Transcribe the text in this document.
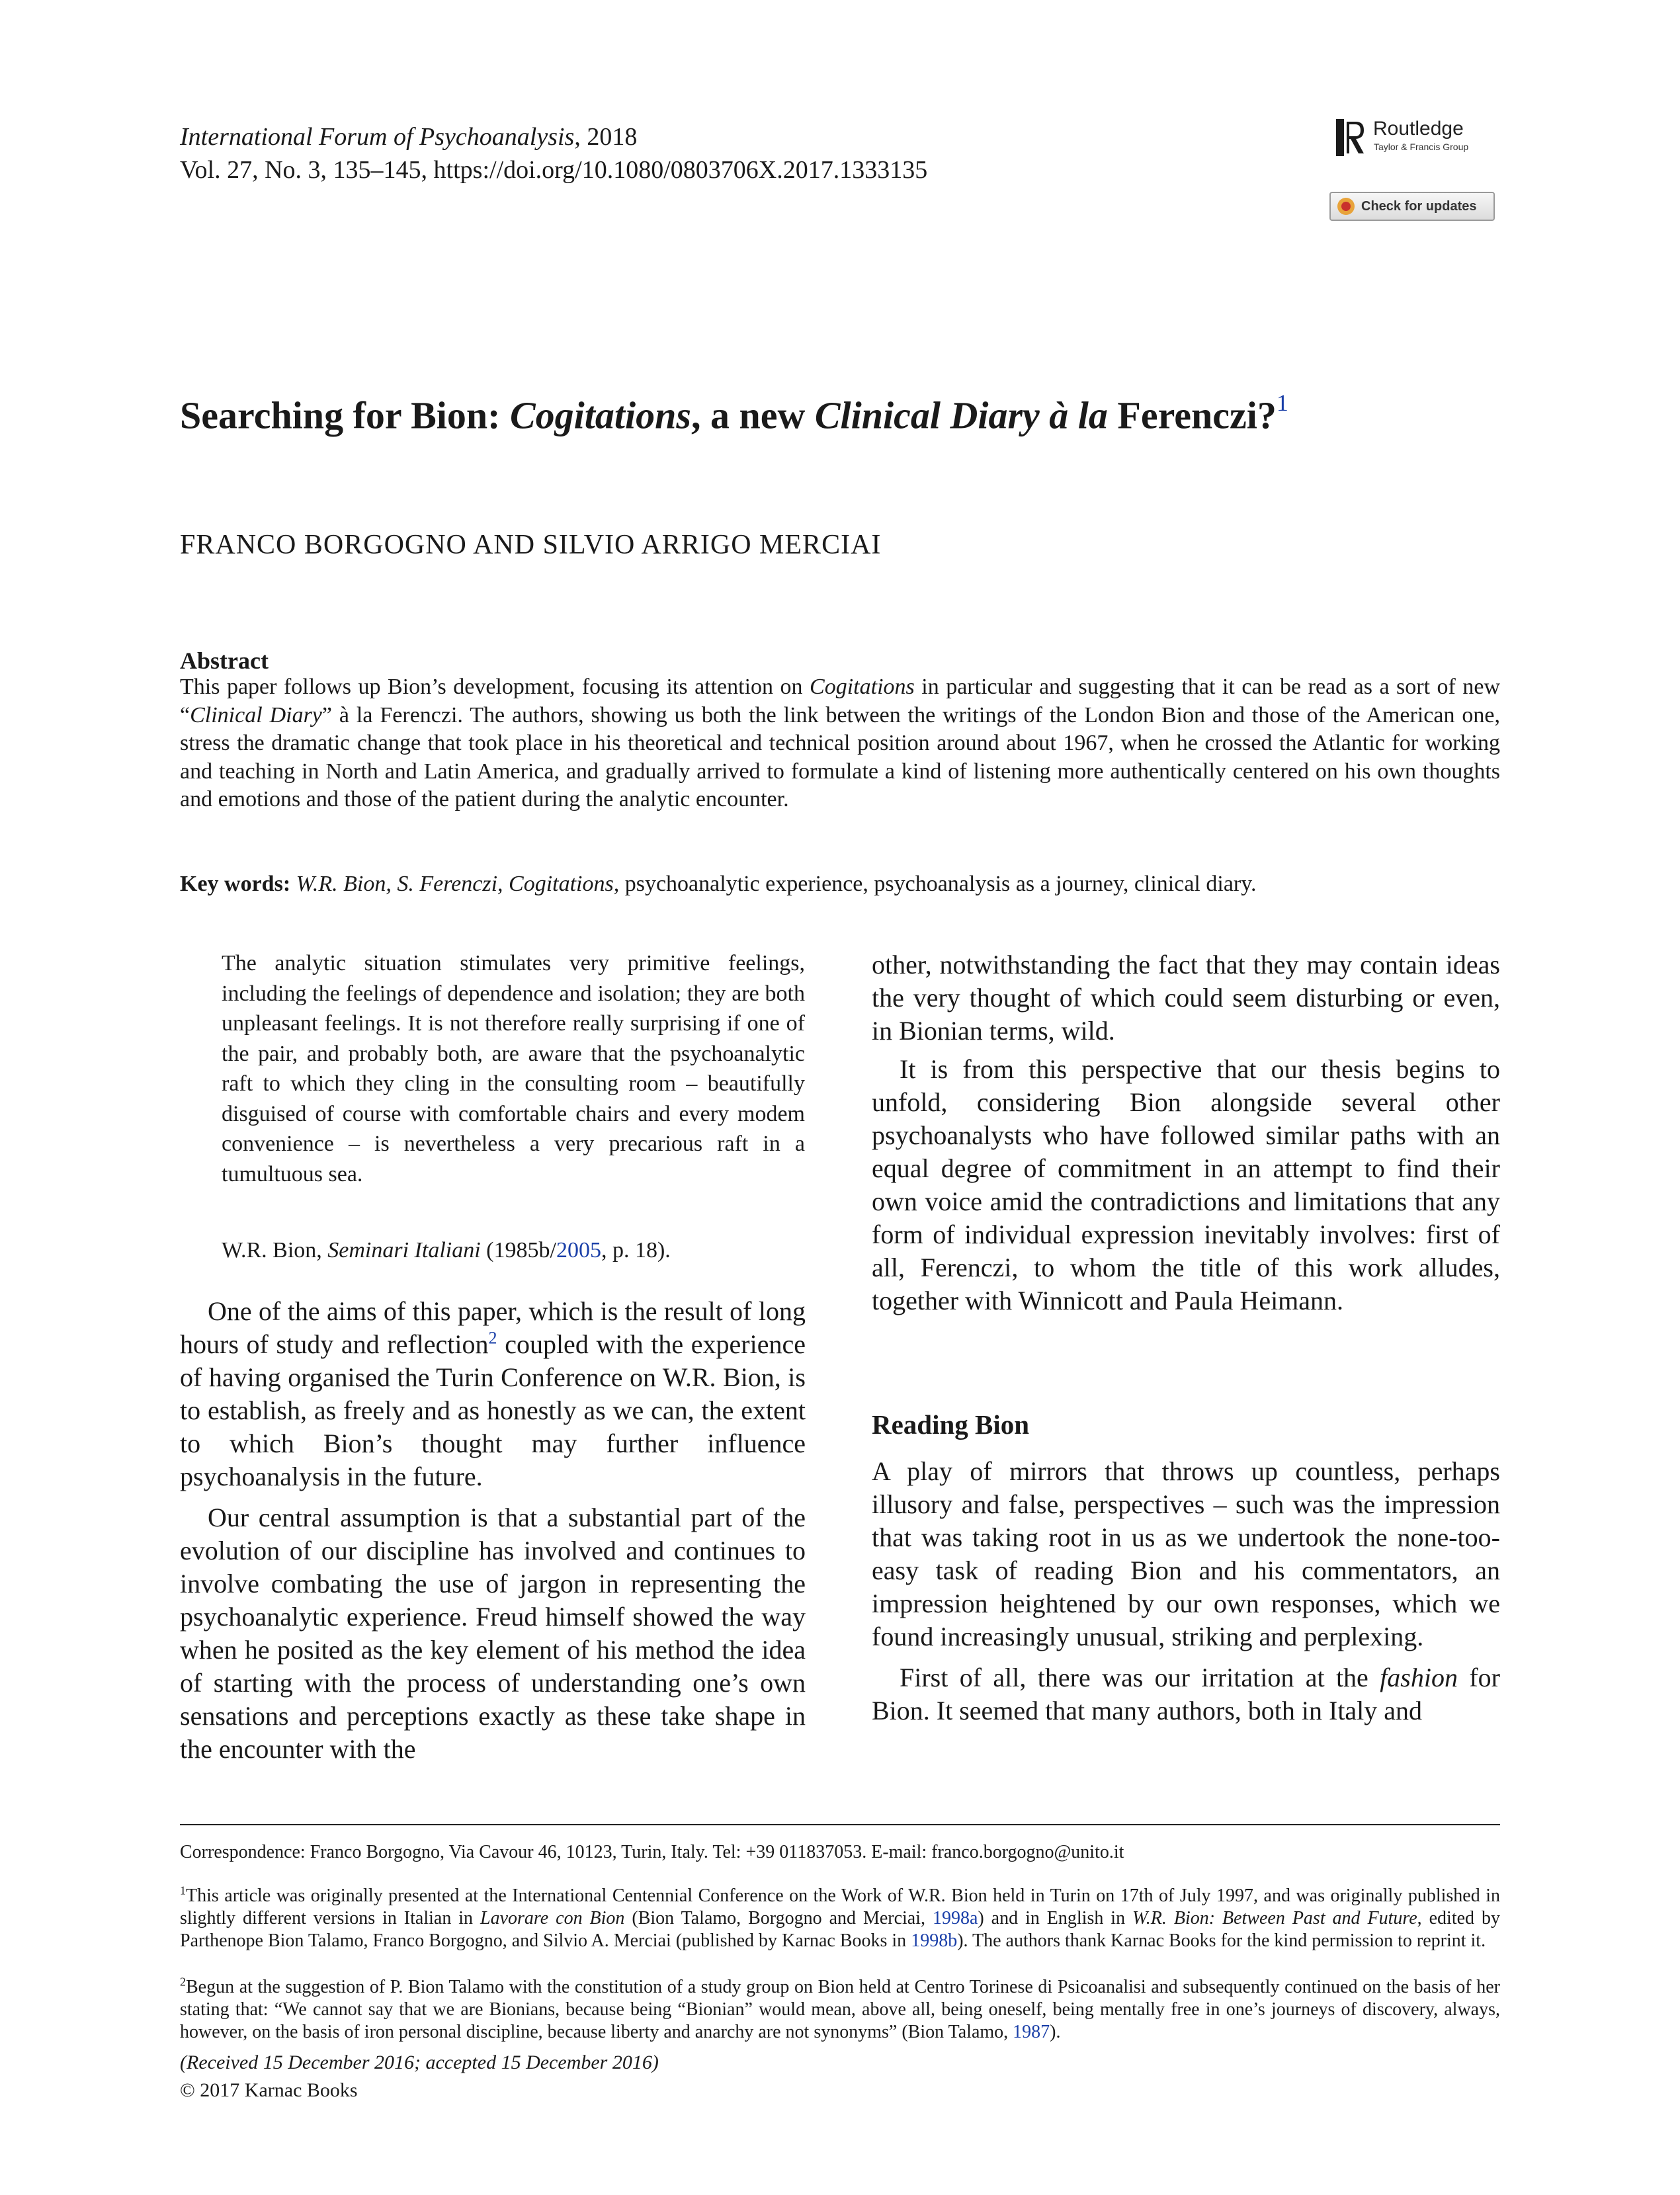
International Forum of Psychoanalysis, 2018
Vol. 27, No. 3, 135–145, https://doi.org/10.1080/0803706X.2017.1333135
Routledge
Taylor & Francis Group
Check for updates
Searching for Bion: Cogitations, a new Clinical Diary à la Ferenczi?$^1$
FRANCO BORGOGNO AND SILVIO ARRIGO MERCIAI
Abstract
This paper follows up Bion’s development, focusing its attention on Cogitations in particular and suggesting that it can be read as a sort of new “Clinical Diary” à la Ferenczi. The authors, showing us both the link between the writings of the London Bion and those of the American one, stress the dramatic change that took place in his theoretical and technical position around about 1967, when he crossed the Atlantic for working and teaching in North and Latin America, and gradually arrived to formulate a kind of listening more authentically centered on his own thoughts and emotions and those of the patient during the analytic encounter.
Key words: W.R. Bion, S. Ferenczi, Cogitations, psychoanalytic experience, psychoanalysis as a journey, clinical diary.
The analytic situation stimulates very primitive feelings, including the feelings of dependence and isolation; they are both unpleasant feelings. It is not therefore really surprising if one of the pair, and probably both, are aware that the psychoanalytic raft to which they cling in the consulting room – beautifully disguised of course with comfortable chairs and every modem convenience – is nevertheless a very precarious raft in a tumultuous sea.
W.R. Bion, Seminari Italiani (1985b/2005, p. 18).

One of the aims of this paper, which is the result of long hours of study and reflection$^2$ coupled with the experience of having organised the Turin Conference on W.R. Bion, is to establish, as freely and as honestly as we can, the extent to which Bion’s thought may further influence psychoanalysis in the future.

Our central assumption is that a substantial part of the evolution of our discipline has involved and continues to involve combating the use of jargon in representing the psychoanalytic experience. Freud himself showed the way when he posited as the key element of his method the idea of starting with the process of understanding one’s own sensations and perceptions exactly as these take shape in the encounter with the

other, notwithstanding the fact that they may contain ideas the very thought of which could seem disturbing or even, in Bionian terms, wild.

It is from this perspective that our thesis begins to unfold, considering Bion alongside several other psychoanalysts who have followed similar paths with an equal degree of commitment in an attempt to find their own voice amid the contradictions and limitations that any form of individual expression inevitably involves: first of all, Ferenczi, to whom the title of this work alludes, together with Winnicott and Paula Heimann.

Reading Bion

A play of mirrors that throws up countless, perhaps illusory and false, perspectives – such was the impression that was taking root in us as we undertook the none-too-easy task of reading Bion and his commentators, an impression heightened by our own responses, which we found increasingly unusual, striking and perplexing.

First of all, there was our irritation at the fashion for Bion. It seemed that many authors, both in Italy and

Correspondence: Franco Borgogno, Via Cavour 46, 10123, Turin, Italy. Tel: +39 011837053. E-mail: franco.borgogno@unito.it
$^1$This article was originally presented at the International Centennial Conference on the Work of W.R. Bion held in Turin on 17th of July 1997, and was originally published in slightly different versions in Italian in Lavorare con Bion (Bion Talamo, Borgogno and Merciai, 1998a) and in English in W.R. Bion: Between Past and Future, edited by Parthenope Bion Talamo, Franco Borgogno, and Silvio A. Merciai (published by Karnac Books in 1998b). The authors thank Karnac Books for the kind permission to reprint it.
$^2$Begun at the suggestion of P. Bion Talamo with the constitution of a study group on Bion held at Centro Torinese di Psicoanalisi and subsequently continued on the basis of her stating that: “We cannot say that we are Bionians, because being “Bionian” would mean, above all, being oneself, being mentally free in one’s journeys of discovery, always, however, on the basis of iron personal discipline, because liberty and anarchy are not synonyms” (Bion Talamo, 1987).
(Received 15 December 2016; accepted 15 December 2016)
© 2017 Karnac Books
